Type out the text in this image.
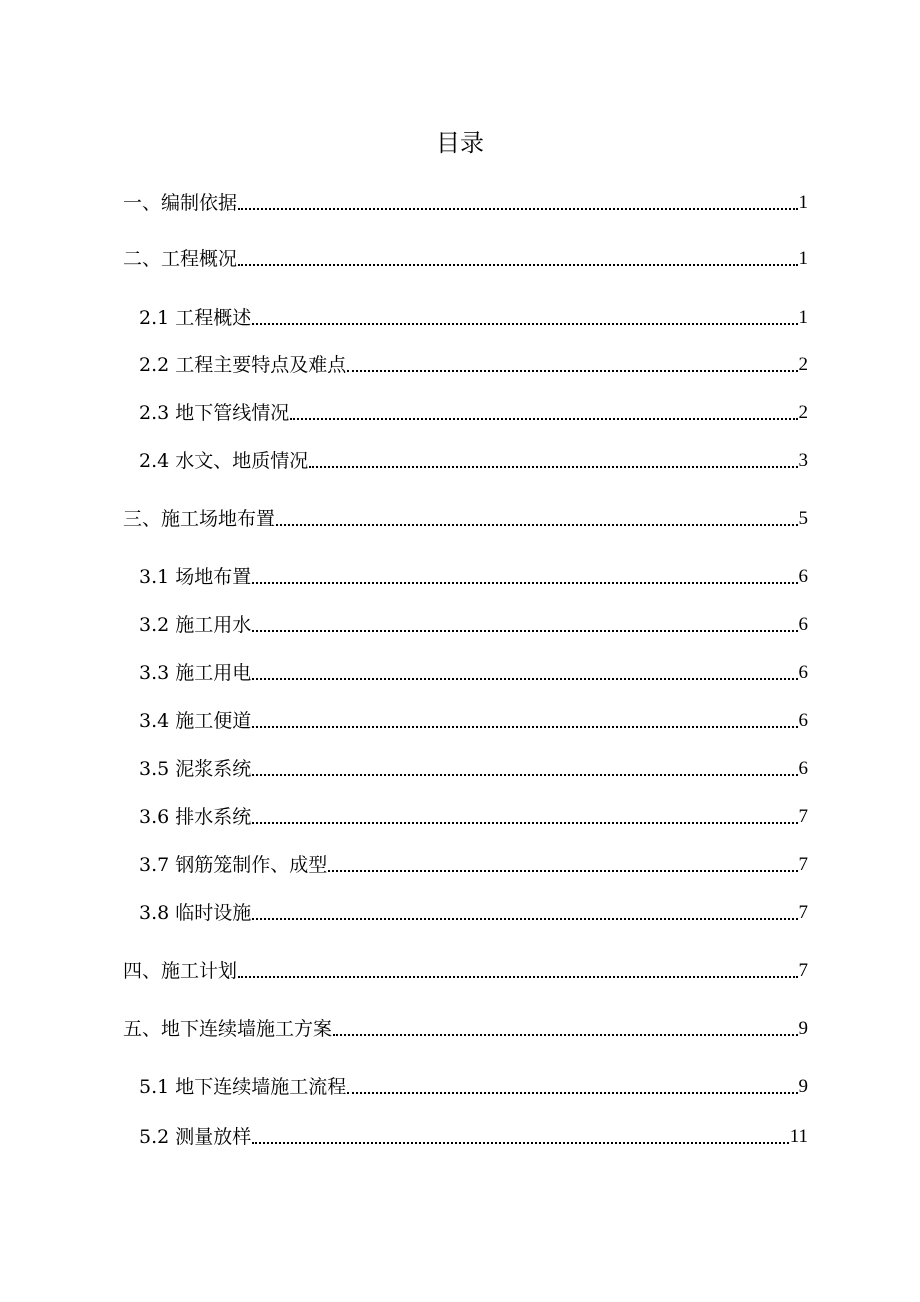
目录
一、编制依据	1
二、工程概况	1
2.1 工程概述	1
2.2 工程主要特点及难点	2
2.3 地下管线情况	2
2.4 水文、地质情况	3
三、施工场地布置	5
3.1 场地布置	6
3.2 施工用水	6
3.3 施工用电	6
3.4 施工便道	6
3.5 泥浆系统	6
3.6 排水系统	7
3.7 钢筋笼制作、成型	7
3.8 临时设施	7
四、施工计划	7
五、地下连续墙施工方案	9
5.1 地下连续墙施工流程	9
5.2 测量放样	11
